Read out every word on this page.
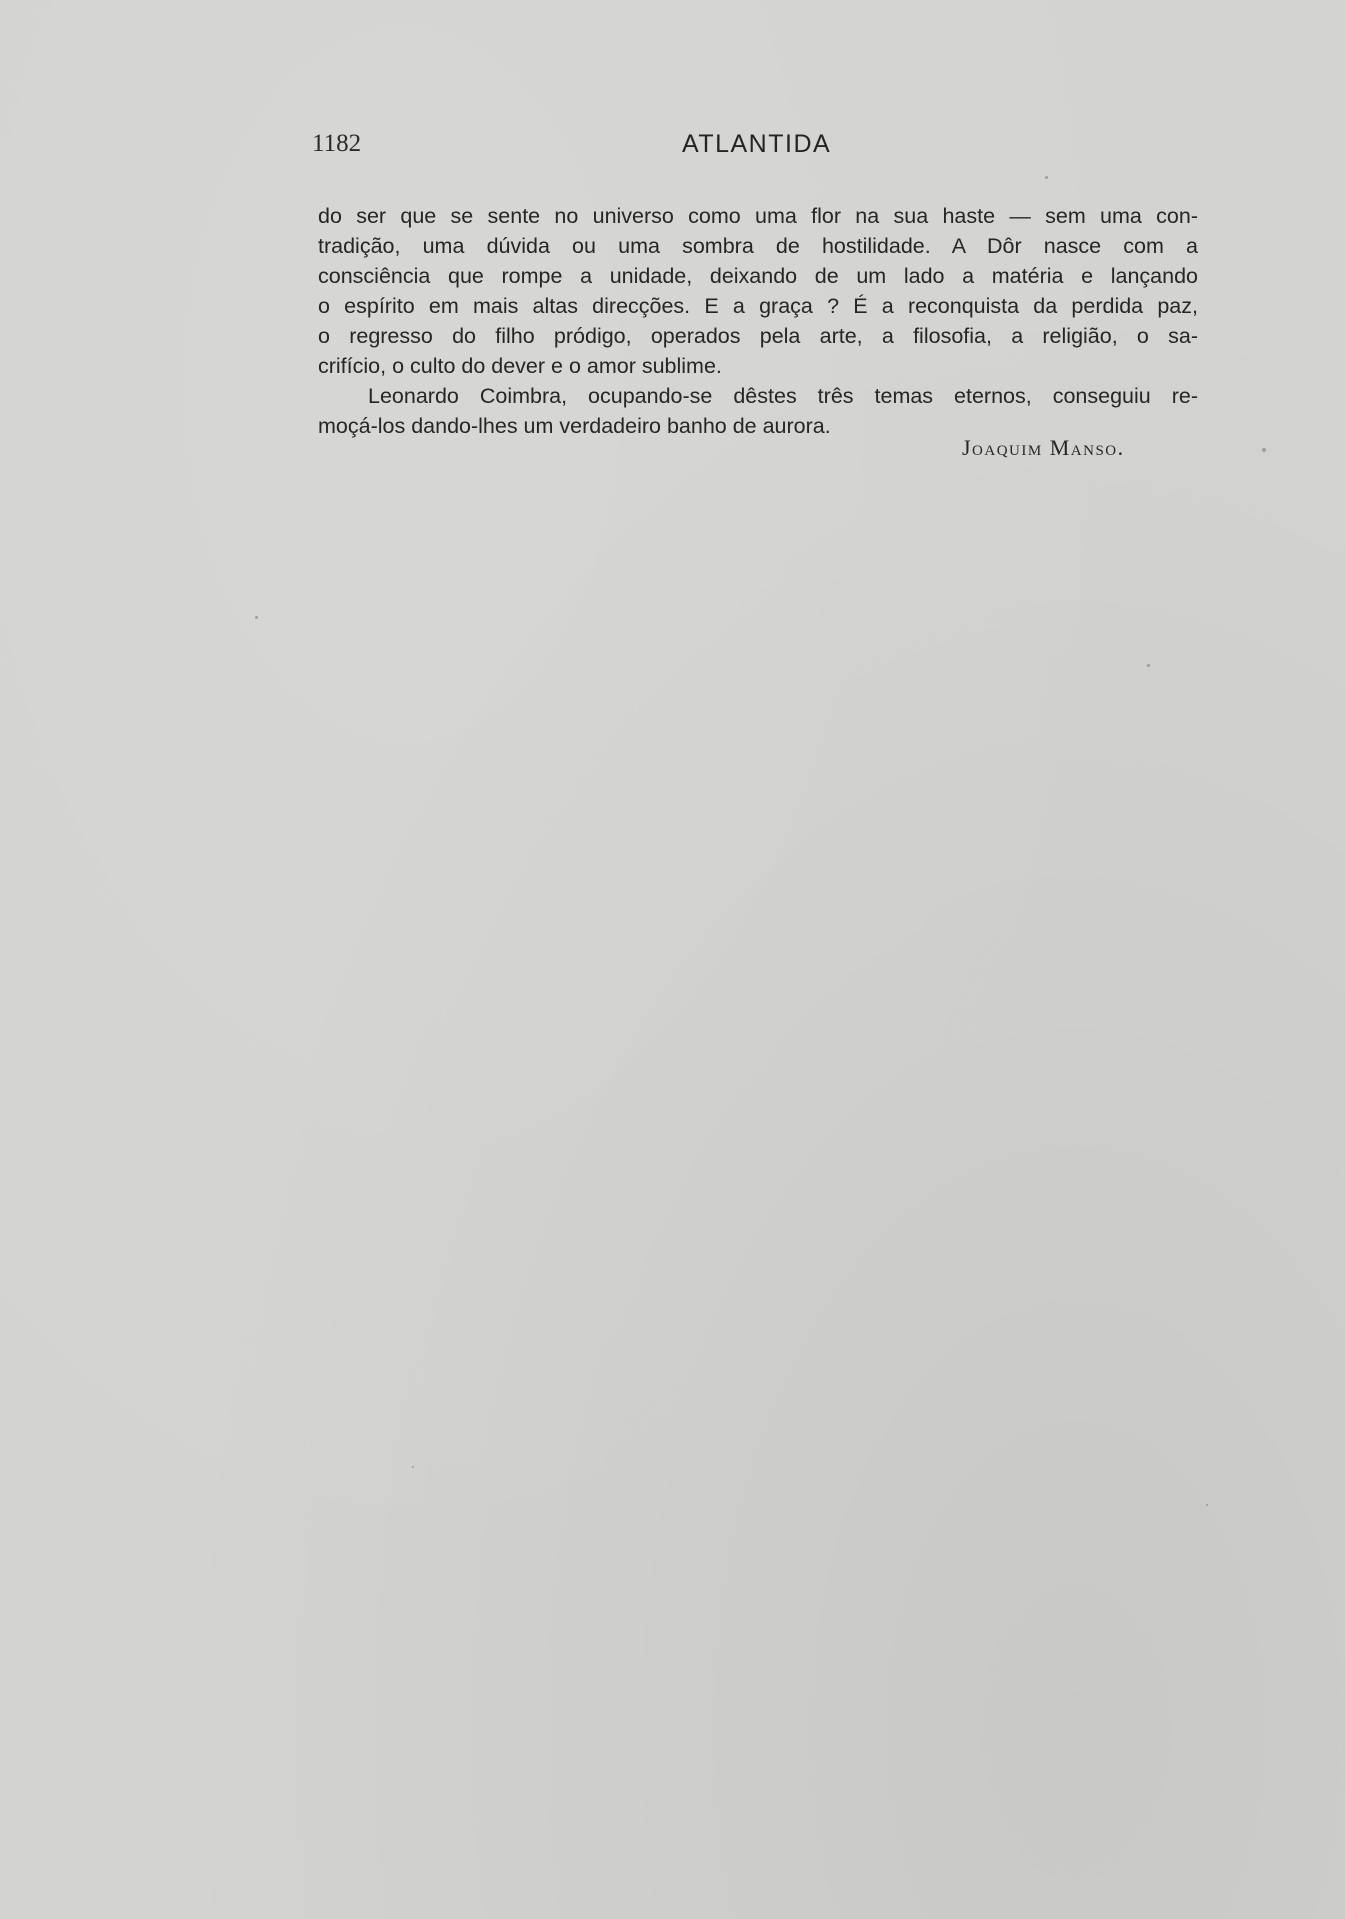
1182	ATLANTIDA
do ser que se sente no universo como uma flor na sua haste — sem uma con-
tradição, uma dúvida ou uma sombra de hostilidade. A Dôr nasce com a
consciência que rompe a unidade, deixando de um lado a matéria e lançando
o espírito em mais altas direcções. E a graça ? É a reconquista da perdida paz,
o regresso do filho pródigo, operados pela arte, a filosofia, a religião, o sa-
crifício, o culto do dever e o amor sublime.
Leonardo Coimbra, ocupando-se dêstes três temas eternos, conseguiu re-
moçá-los dando-lhes um verdadeiro banho de aurora.
Joaquim Manso.
